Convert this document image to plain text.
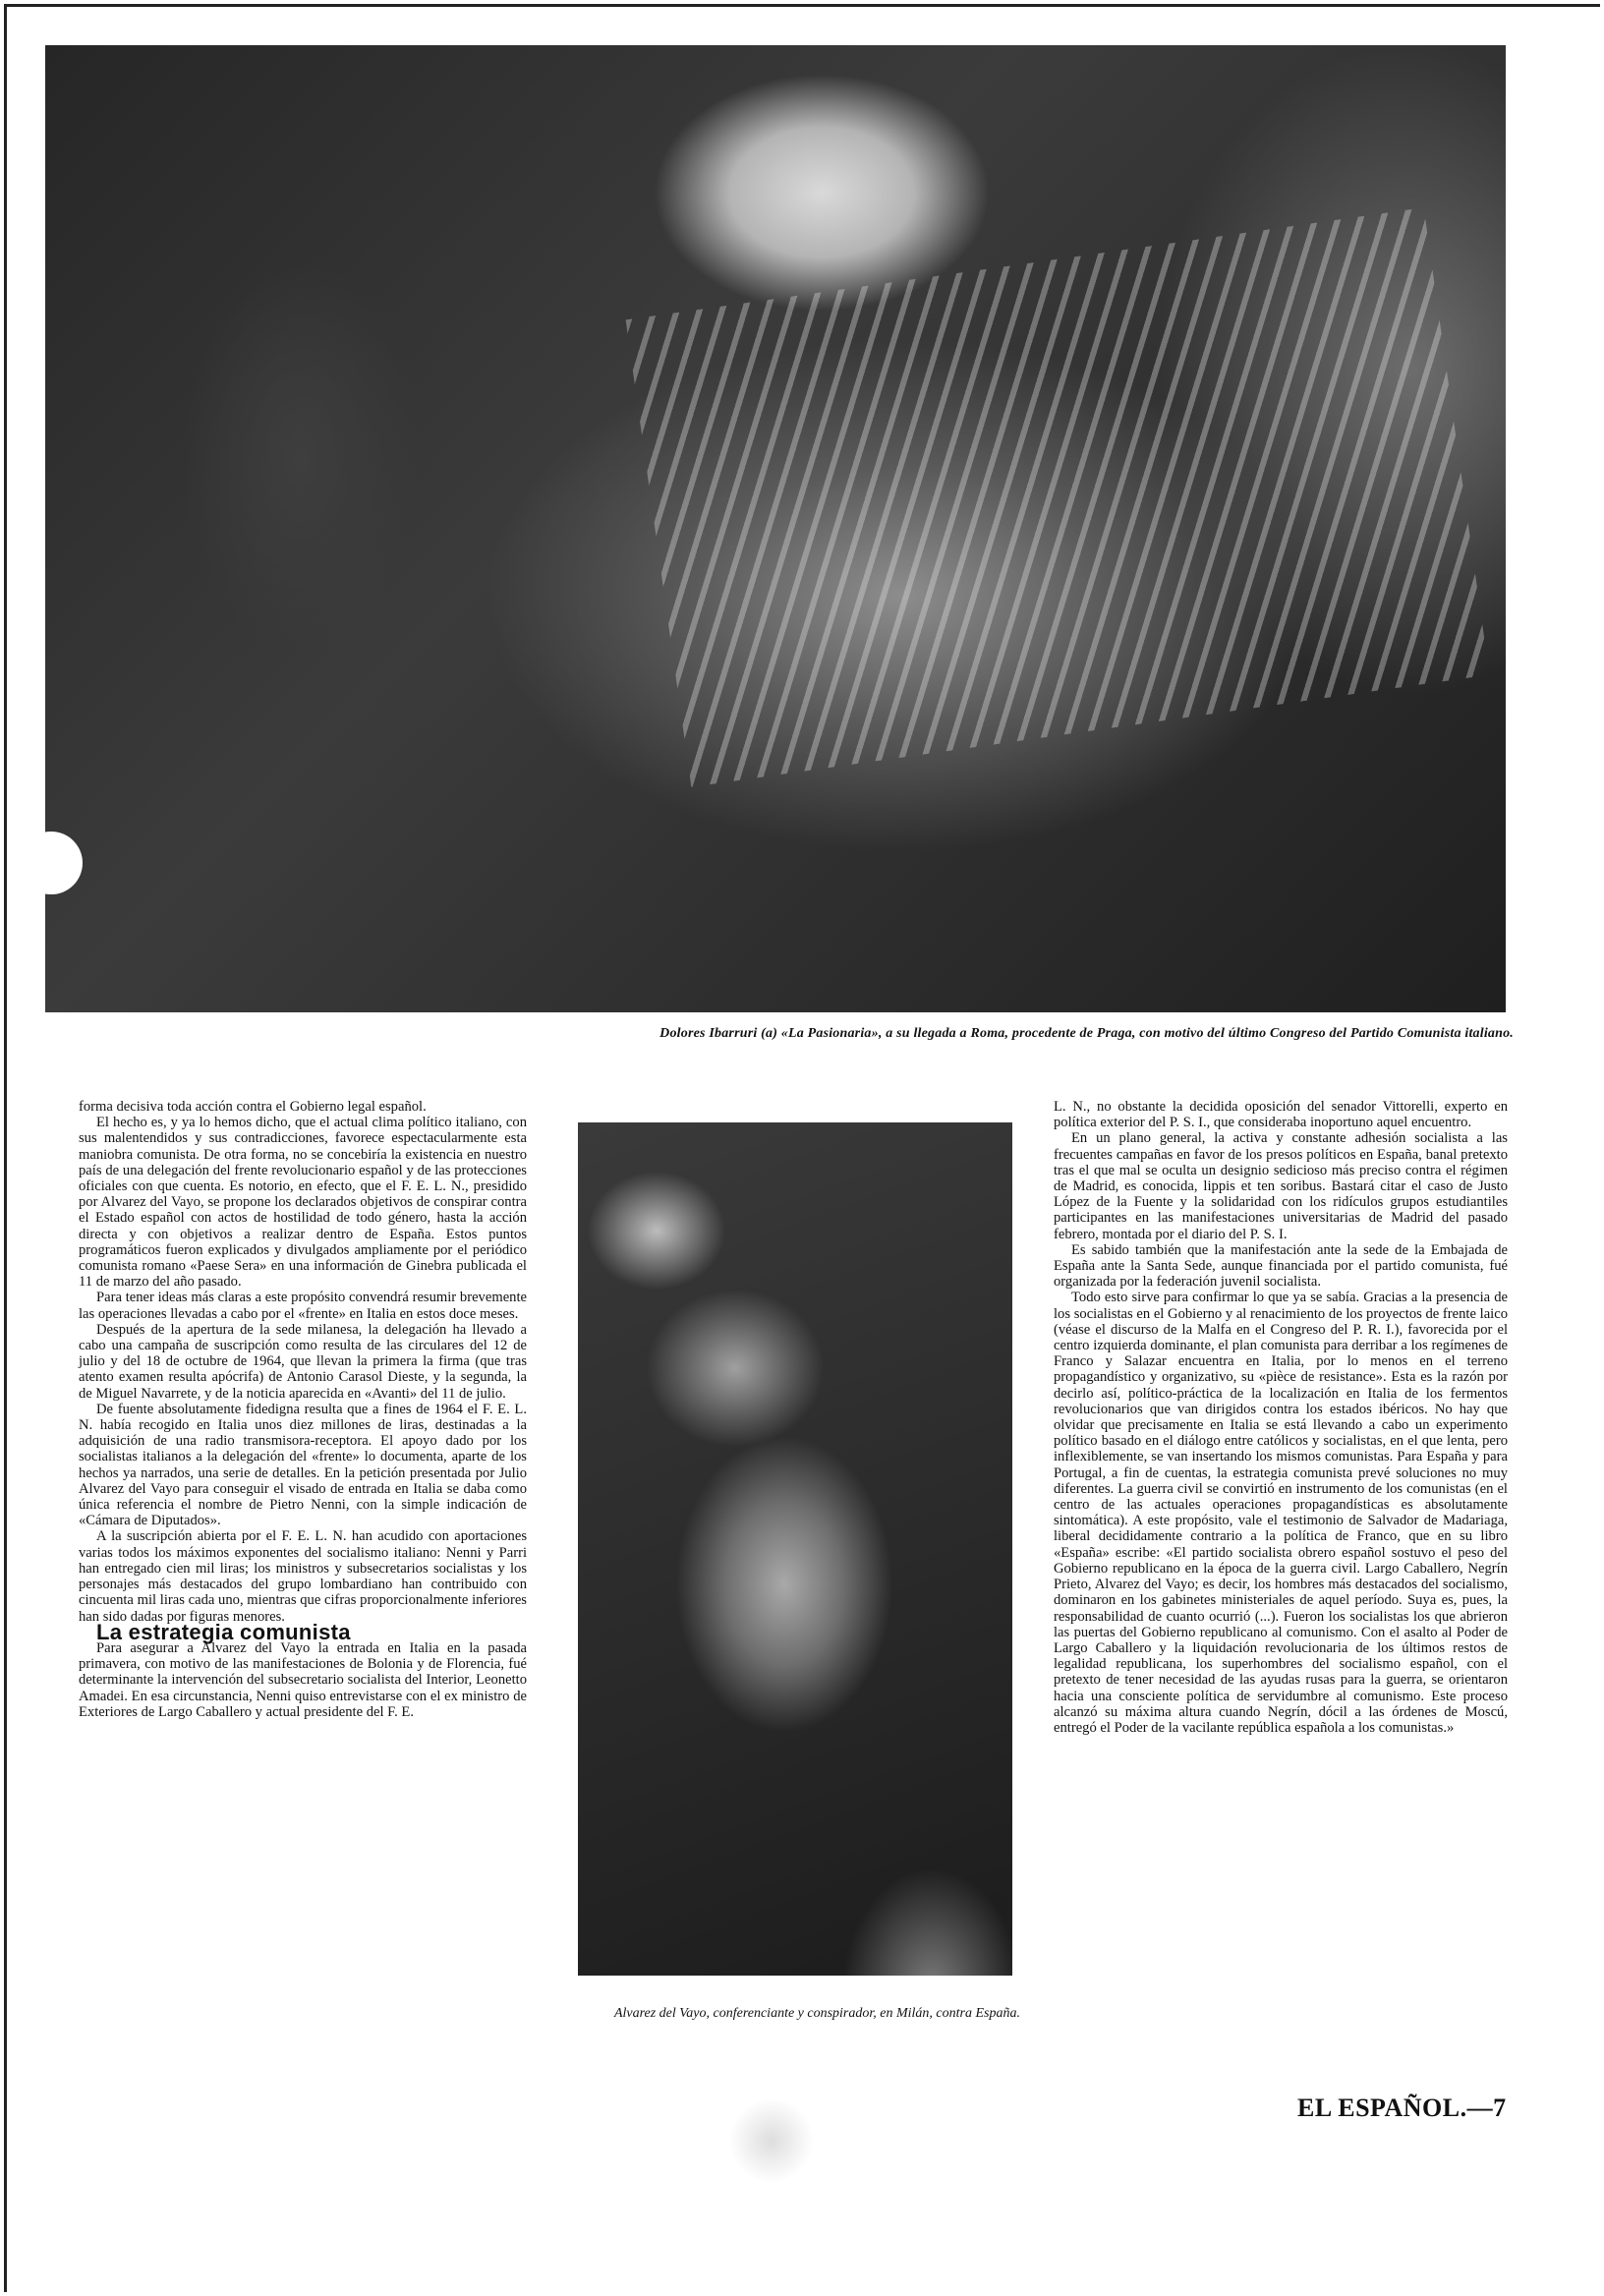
Dolores Ibarruri (a) «La Pasionaria», a su llegada a Roma, procedente de Praga, con motivo del último Congreso del Partido Comunista italiano.

forma decisiva toda acción contra el Gobierno legal español.

El hecho es, y ya lo hemos dicho, que el actual clima político italiano, con sus malentendidos y sus contradicciones, favorece espectacularmente esta maniobra comunista. De otra forma, no se concebiría la existencia en nuestro país de una delegación del frente revolucionario español y de las protecciones oficiales con que cuenta. Es notorio, en efecto, que el F. E. L. N., presidido por Alvarez del Vayo, se propone los declarados objetivos de conspirar contra el Estado español con actos de hostilidad de todo género, hasta la acción directa y con objetivos a realizar dentro de España. Estos puntos programáticos fueron explicados y divulgados ampliamente por el periódico comunista romano «Paese Sera» en una información de Ginebra publicada el 11 de marzo del año pasado.

Para tener ideas más claras a este propósito convendrá resumir brevemente las operaciones llevadas a cabo por el «frente» en Italia en estos doce meses.

Después de la apertura de la sede milanesa, la delegación ha llevado a cabo una campaña de suscripción como resulta de las circulares del 12 de julio y del 18 de octubre de 1964, que llevan la primera la firma (que tras atento examen resulta apócrifa) de Antonio Carasol Dieste, y la segunda, la de Miguel Navarrete, y de la noticia aparecida en «Avanti» del 11 de julio.

De fuente absolutamente fidedigna resulta que a fines de 1964 el F. E. L. N. había recogido en Italia unos diez millones de liras, destinadas a la adquisición de una radio transmisora-receptora. El apoyo dado por los socialistas italianos a la delegación del «frente» lo documenta, aparte de los hechos ya narrados, una serie de detalles. En la petición presentada por Julio Alvarez del Vayo para conseguir el visado de entrada en Italia se daba como única referencia el nombre de Pietro Nenni, con la simple indicación de «Cámara de Diputados».

A la suscripción abierta por el F. E. L. N. han acudido con aportaciones varias todos los máximos exponentes del socialismo italiano: Nenni y Parri han entregado cien mil liras; los ministros y subsecretarios socialistas y los personajes más destacados del grupo lombardiano han contribuido con cincuenta mil liras cada uno, mientras que cifras proporcionalmente inferiores han sido dadas por figuras menores.

La estrategia comunista

Para asegurar a Alvarez del Vayo la entrada en Italia en la pasada primavera, con motivo de las manifestaciones de Bolonia y de Florencia, fué determinante la intervención del subsecretario socialista del Interior, Leonetto Amadei. En esa circunstancia, Nenni quiso entrevistarse con el ex ministro de Exteriores de Largo Caballero y actual presidente del F. E.

Alvarez del Vayo, conferenciante y conspirador, en Milán, contra España.

L. N., no obstante la decidida oposición del senador Vittorelli, experto en política exterior del P. S. I., que consideraba inoportuno aquel encuentro.

En un plano general, la activa y constante adhesión socialista a las frecuentes campañas en favor de los presos políticos en España, banal pretexto tras el que mal se oculta un designio sedicioso más preciso contra el régimen de Madrid, es conocida, lippis et ten soribus. Bastará citar el caso de Justo López de la Fuente y la solidaridad con los ridículos grupos estudiantiles participantes en las manifestaciones universitarias de Madrid del pasado febrero, montada por el diario del P. S. I.

Es sabido también que la manifestación ante la sede de la Embajada de España ante la Santa Sede, aunque financiada por el partido comunista, fué organizada por la federación juvenil socialista.

Todo esto sirve para confirmar lo que ya se sabía. Gracias a la presencia de los socialistas en el Gobierno y al renacimiento de los proyectos de frente laico (véase el discurso de la Malfa en el Congreso del P. R. I.), favorecida por el centro izquierda dominante, el plan comunista para derribar a los regímenes de Franco y Salazar encuentra en Italia, por lo menos en el terreno propagandístico y organizativo, su «pièce de resistance». Esta es la razón por decirlo así, político-práctica de la localización en Italia de los fermentos revolucionarios que van dirigidos contra los estados ibéricos. No hay que olvidar que precisamente en Italia se está llevando a cabo un experimento político basado en el diálogo entre católicos y socialistas, en el que lenta, pero inflexiblemente, se van insertando los mismos comunistas. Para España y para Portugal, a fin de cuentas, la estrategia comunista prevé soluciones no muy diferentes. La guerra civil se convirtió en instrumento de los comunistas (en el centro de las actuales operaciones propagandísticas es absolutamente sintomática). A este propósito, vale el testimonio de Salvador de Madariaga, liberal decididamente contrario a la política de Franco, que en su libro «España» escribe: «El partido socialista obrero español sostuvo el peso del Gobierno republicano en la época de la guerra civil. Largo Caballero, Negrín Prieto, Alvarez del Vayo; es decir, los hombres más destacados del socialismo, dominaron en los gabinetes ministeriales de aquel período. Suya es, pues, la responsabilidad de cuanto ocurrió (...). Fueron los socialistas los que abrieron las puertas del Gobierno republicano al comunismo. Con el asalto al Poder de Largo Caballero y la liquidación revolucionaria de los últimos restos de legalidad republicana, los superhombres del socialismo español, con el pretexto de tener necesidad de las ayudas rusas para la guerra, se orientaron hacia una consciente política de servidumbre al comunismo. Este proceso alcanzó su máxima altura cuando Negrín, dócil a las órdenes de Moscú, entregó el Poder de la vacilante república española a los comunistas.»

EL ESPAÑOL.—7
